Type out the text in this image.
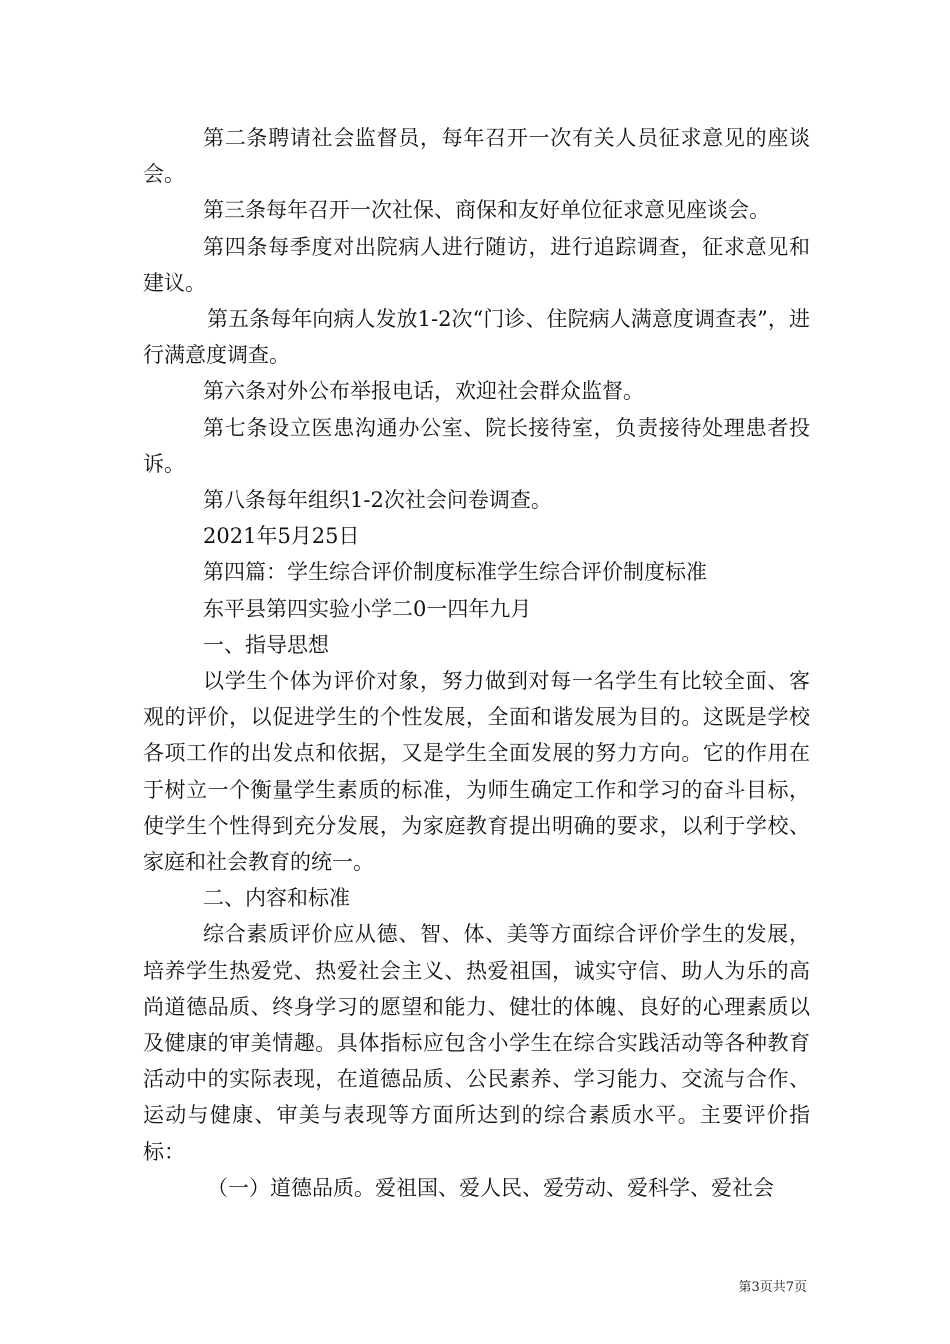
第二条聘请社会监督员，每年召开一次有关人员征求意见的座谈会。

第三条每年召开一次社保、商保和友好单位征求意见座谈会。

第四条每季度对出院病人进行随访，进行追踪调查，征求意见和建议。

第五条每年向病人发放1-2次“门诊、住院病人满意度调查表”，进行满意度调查。

第六条对外公布举报电话，欢迎社会群众监督。

第七条设立医患沟通办公室、院长接待室，负责接待处理患者投诉。

第八条每年组织1-2次社会问卷调查。

2021年5月25日

第四篇：学生综合评价制度标准学生综合评价制度标准

东平县第四实验小学二0一四年九月

一、指导思想

以学生个体为评价对象，努力做到对每一名学生有比较全面、客观的评价，以促进学生的个性发展，全面和谐发展为目的。这既是学校各项工作的出发点和依据，又是学生全面发展的努力方向。它的作用在于树立一个衡量学生素质的标准，为师生确定工作和学习的奋斗目标，使学生个性得到充分发展，为家庭教育提出明确的要求，以利于学校、家庭和社会教育的统一。

二、内容和标准

综合素质评价应从德、智、体、美等方面综合评价学生的发展，培养学生热爱党、热爱社会主义、热爱祖国，诚实守信、助人为乐的高尚道德品质、终身学习的愿望和能力、健壮的体魄、良好的心理素质以及健康的审美情趣。具体指标应包含小学生在综合实践活动等各种教育活动中的实际表现，在道德品质、公民素养、学习能力、交流与合作、运动与健康、审美与表现等方面所达到的综合素质水平。主要评价指标：

（一）道德品质。爱祖国、爱人民、爱劳动、爱科学、爱社会

第3页共7页
